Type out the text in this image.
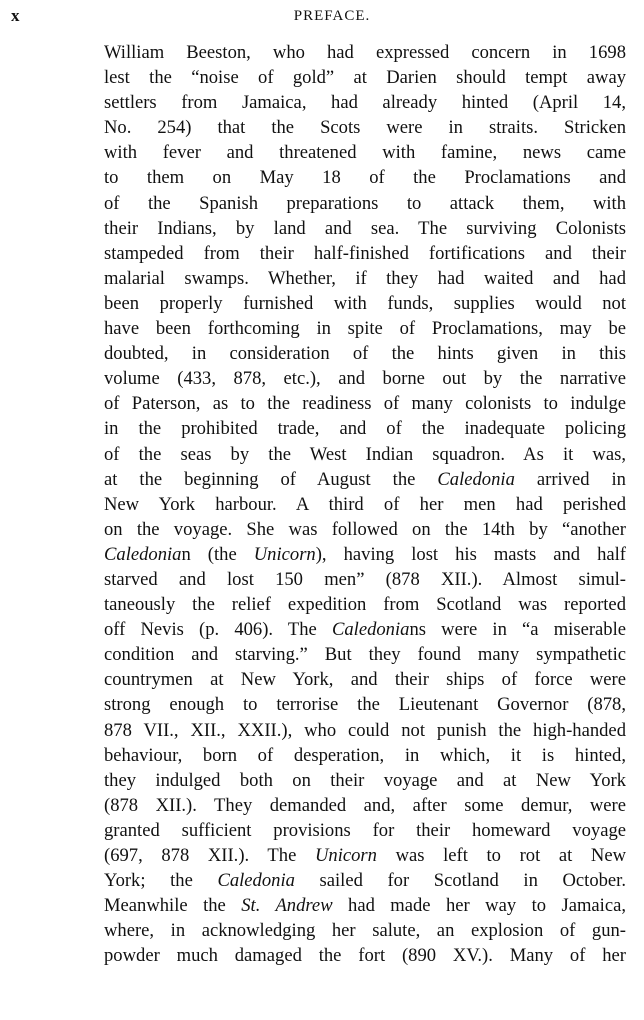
x	PREFACE.
William Beeston, who had expressed concern in 1698
lest the “noise of gold” at Darien should tempt away
settlers from Jamaica, had already hinted (April 14,
No. 254) that the Scots were in straits. Stricken
with fever and threatened with famine, news came
to them on May 18 of the Proclamations and
of the Spanish preparations to attack them, with
their Indians, by land and sea. The surviving Colonists
stampeded from their half-finished fortifications and their
malarial swamps. Whether, if they had waited and had
been properly furnished with funds, supplies would not
have been forthcoming in spite of Proclamations, may be
doubted, in consideration of the hints given in this
volume (433, 878, etc.), and borne out by the narrative
of Paterson, as to the readiness of many colonists to indulge
in the prohibited trade, and of the inadequate policing
of the seas by the West Indian squadron. As it was,
at the beginning of August the Caledonia arrived in
New York harbour. A third of her men had perished
on the voyage. She was followed on the 14th by “another
Caledonian (the Unicorn), having lost his masts and half
starved and lost 150 men” (878 XII.). Almost simul-
taneously the relief expedition from Scotland was reported
off Nevis (p. 406). The Caledonians were in “a miserable
condition and starving.” But they found many sympathetic
countrymen at New York, and their ships of force were
strong enough to terrorise the Lieutenant Governor (878,
878 VII., XII., XXII.), who could not punish the high-handed
behaviour, born of desperation, in which, it is hinted,
they indulged both on their voyage and at New York
(878 XII.). They demanded and, after some demur, were
granted sufficient provisions for their homeward voyage
(697, 878 XII.). The Unicorn was left to rot at New
York; the Caledonia sailed for Scotland in October.
Meanwhile the St. Andrew had made her way to Jamaica,
where, in acknowledging her salute, an explosion of gun-
powder much damaged the fort (890 XV.). Many of her
